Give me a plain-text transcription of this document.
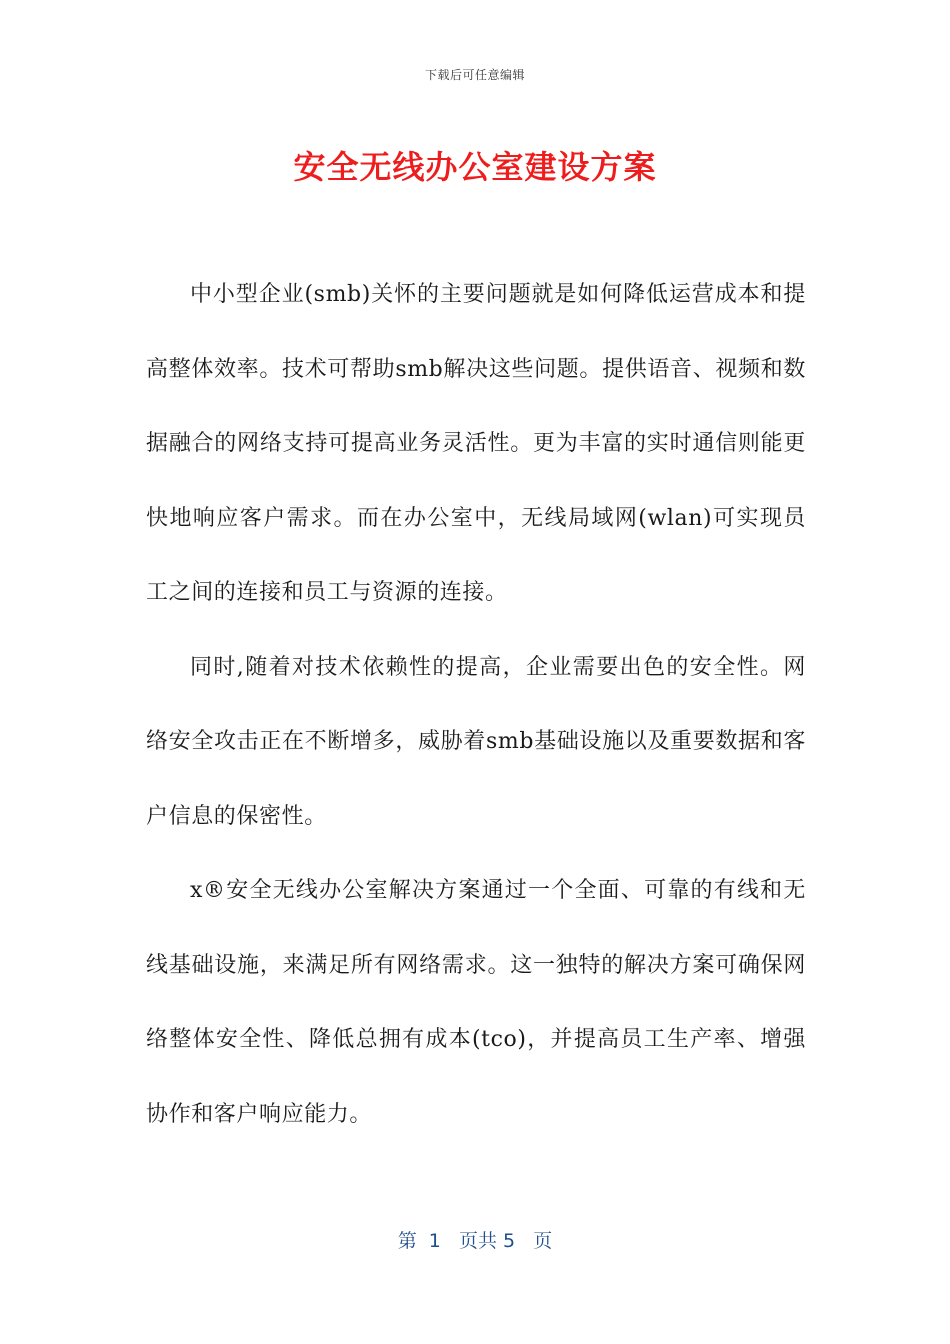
下载后可任意编辑
安全无线办公室建设方案

中小型企业(smb)关怀的主要问题就是如何降低运营成本和提高整体效率。技术可帮助smb解决这些问题。提供语音、视频和数据融合的网络支持可提高业务灵活性。更为丰富的实时通信则能更快地响应客户需求。而在办公室中，无线局域网(wlan)可实现员工之间的连接和员工与资源的连接。

同时,随着对技术依赖性的提高，企业需要出色的安全性。网络安全攻击正在不断增多，威胁着smb基础设施以及重要数据和客户信息的保密性。

x®安全无线办公室解决方案通过一个全面、可靠的有线和无线基础设施，来满足所有网络需求。这一独特的解决方案可确保网络整体安全性、降低总拥有成本(tco)，并提高员工生产率、增强协作和客户响应能力。

第  1   页共 5   页
